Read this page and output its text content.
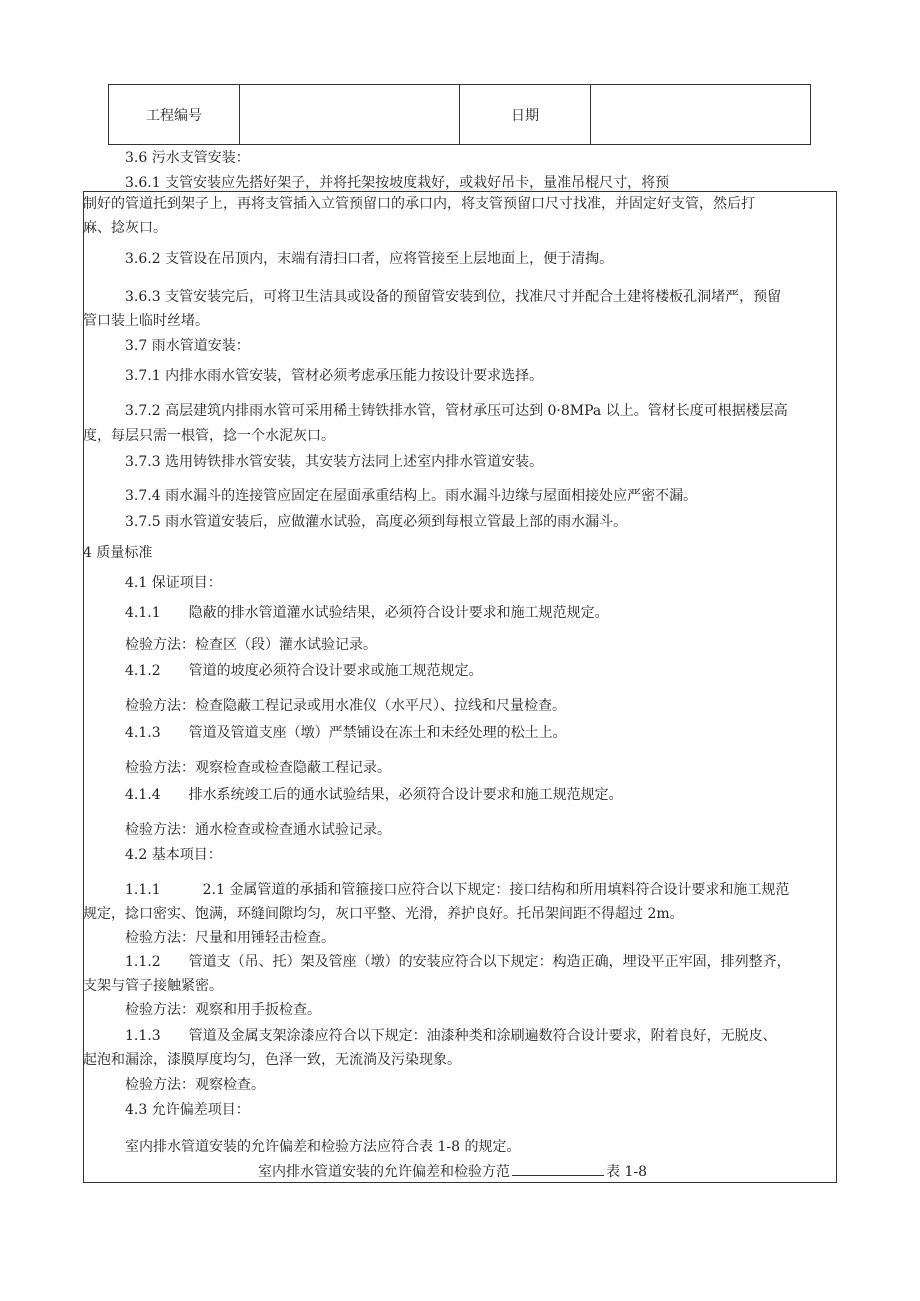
工程编号	日期
3.6 污水支管安装：
3.6.1 支管安装应先搭好架子，并将托架按坡度栽好，或栽好吊卡，量准吊棍尺寸，将预
制好的管道托到架子上，再将支管插入立管预留口的承口内，将支管预留口尺寸找准，并固定好支管，然后打
麻、捻灰口。
3.6.2 支管设在吊顶内，末端有清扫口者，应将管接至上层地面上，便于清掏。
3.6.3 支管安装完后，可将卫生洁具或设备的预留管安装到位，找准尺寸并配合土建将楼板孔洞堵严，预留
管口装上临时丝堵。
3.7 雨水管道安装：
3.7.1 内排水雨水管安装，管材必须考虑承压能力按设计要求选择。
3.7.2 高层建筑内排雨水管可采用稀土铸铁排水管，管材承压可达到 0·8MPa 以上。管材长度可根据楼层高
度，每层只需一根管，捻一个水泥灰口。
3.7.3 选用铸铁排水管安装，其安装方法同上述室内排水管道安装。
3.7.4 雨水漏斗的连接管应固定在屋面承重结构上。雨水漏斗边缘与屋面相接处应严密不漏。
3.7.5 雨水管道安装后，应做灌水试验，高度必须到每根立管最上部的雨水漏斗。
4 质量标准
4.1 保证项目：
4.1.1　　隐蔽的排水管道灌水试验结果，必须符合设计要求和施工规范规定。
检验方法：检查区（段）灌水试验记录。
4.1.2　　管道的坡度必须符合设计要求或施工规范规定。
检验方法：检查隐蔽工程记录或用水准仪（水平尺）、拉线和尺量检查。
4.1.3　　管道及管道支座（墩）严禁铺设在冻土和未经处理的松土上。
检验方法：观察检查或检查隐蔽工程记录。
4.1.4　　排水系统竣工后的通水试验结果，必须符合设计要求和施工规范规定。
检验方法：通水检查或检查通水试验记录。
4.2 基本项目：
1.1.1　　　2.1 金属管道的承插和管箍接口应符合以下规定：接口结构和所用填料符合设计要求和施工规范
规定，捻口密实、饱满，环缝间隙均匀，灰口平整、光滑，养护良好。托吊架间距不得超过 2m。
检验方法：尺量和用锤轻击检查。
1.1.2　　管道支（吊、托）架及管座（墩）的安装应符合以下规定：构造正确，埋设平正牢固，排列整齐，
支架与管子接触紧密。
检验方法：观察和用手扳检查。
1.1.3　　管道及金属支架涂漆应符合以下规定：油漆种类和涂刷遍数符合设计要求，附着良好，无脱皮、
起泡和漏涂，漆膜厚度均匀，色泽一致，无流淌及污染现象。
检验方法：观察检查。
4.3 允许偏差项目：
室内排水管道安装的允许偏差和检验方法应符合表 1-8 的规定。
室内排水管道安装的允许偏差和检验方范	表 1-8
